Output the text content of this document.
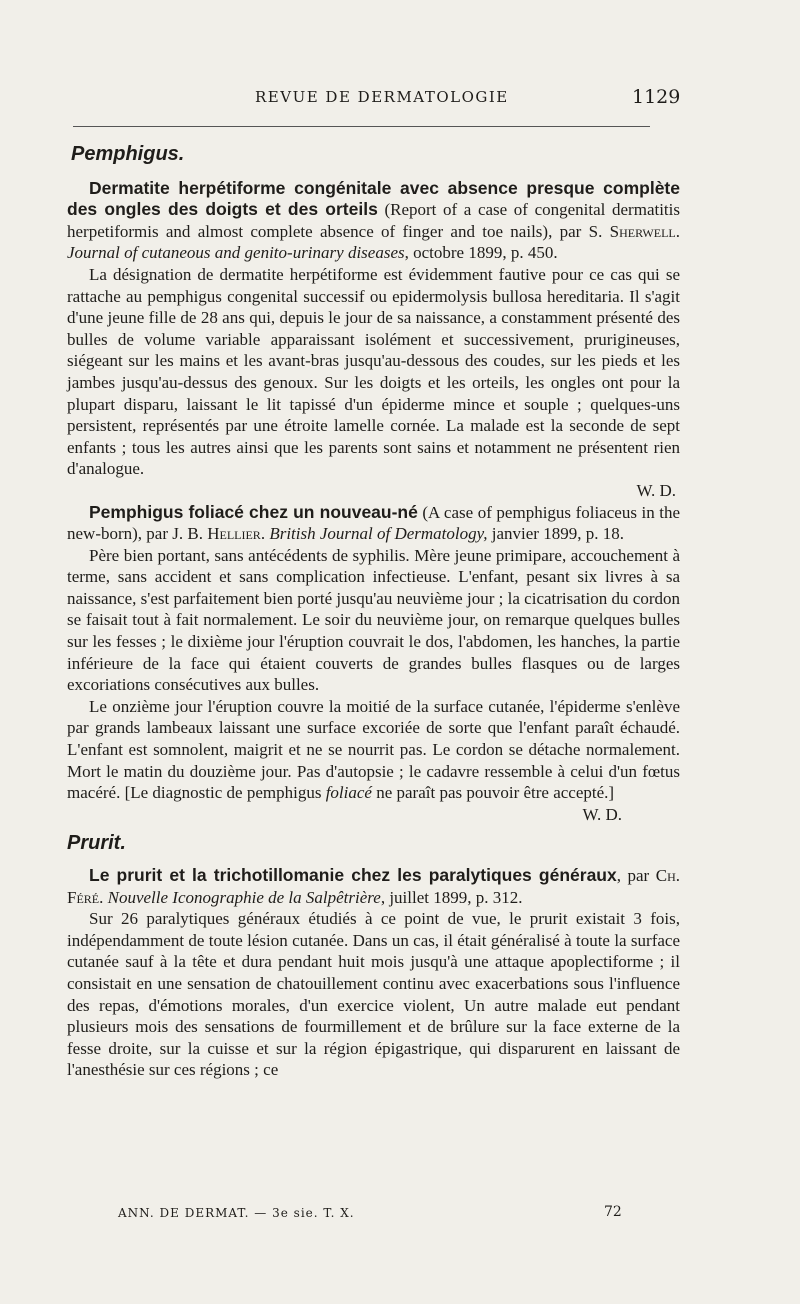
REVUE DE DERMATOLOGIE	1129
Pemphigus.

Dermatite herpétiforme congénitale avec absence presque complète des ongles des doigts et des orteils (Report of a case of congenital dermatitis herpetiformis and almost complete absence of finger and toe nails), par S. Sherwell. Journal of cutaneous and genito-urinary diseases, octobre 1899, p. 450.

La désignation de dermatite herpétiforme est évidemment fautive pour ce cas qui se rattache au pemphigus congenital successif ou epidermolysis bullosa hereditaria. Il s'agit d'une jeune fille de 28 ans qui, depuis le jour de sa naissance, a constamment présenté des bulles de volume variable apparaissant isolément et successivement, prurigineuses, siégeant sur les mains et les avant-bras jusqu'au-dessous des coudes, sur les pieds et les jambes jusqu'au-dessus des genoux. Sur les doigts et les orteils, les ongles ont pour la plupart disparu, laissant le lit tapissé d'un épiderme mince et souple ; quelques-uns persistent, représentés par une étroite lamelle cornée. La malade est la seconde de sept enfants ; tous les autres ainsi que les parents sont sains et notamment ne présentent rien d'analogue.

W. D.

Pemphigus foliacé chez un nouveau-né (A case of pemphigus foliaceus in the new-born), par J. B. Hellier. British Journal of Dermatology, janvier 1899, p. 18.

Père bien portant, sans antécédents de syphilis. Mère jeune primipare, accouchement à terme, sans accident et sans complication infectieuse. L'enfant, pesant six livres à sa naissance, s'est parfaitement bien porté jusqu'au neuvième jour ; la cicatrisation du cordon se faisait tout à fait normalement. Le soir du neuvième jour, on remarque quelques bulles sur les fesses ; le dixième jour l'éruption couvrait le dos, l'abdomen, les hanches, la partie inférieure de la face qui étaient couverts de grandes bulles flasques ou de larges excoriations consécutives aux bulles.

Le onzième jour l'éruption couvre la moitié de la surface cutanée, l'épiderme s'enlève par grands lambeaux laissant une surface excoriée de sorte que l'enfant paraît échaudé. L'enfant est somnolent, maigrit et ne se nourrit pas. Le cordon se détache normalement. Mort le matin du douzième jour. Pas d'autopsie ; le cadavre ressemble à celui d'un fœtus macéré. [Le diagnostic de pemphigus foliacé ne paraît pas pouvoir être accepté.]

W. D.

Prurit.

Le prurit et la trichotillomanie chez les paralytiques généraux, par Ch. Féré. Nouvelle Iconographie de la Salpêtrière, juillet 1899, p. 312.

Sur 26 paralytiques généraux étudiés à ce point de vue, le prurit existait 3 fois, indépendamment de toute lésion cutanée. Dans un cas, il était généralisé à toute la surface cutanée sauf à la tête et dura pendant huit mois jusqu'à une attaque apoplectiforme ; il consistait en une sensation de chatouillement continu avec exacerbations sous l'influence des repas, d'émotions morales, d'un exercice violent, Un autre malade eut pendant plusieurs mois des sensations de fourmillement et de brûlure sur la face externe de la fesse droite, sur la cuisse et sur la région épigastrique, qui disparurent en laissant de l'anesthésie sur ces régions ; ce

ANN. DE DERMAT. — 3e sie. T. X.	72
